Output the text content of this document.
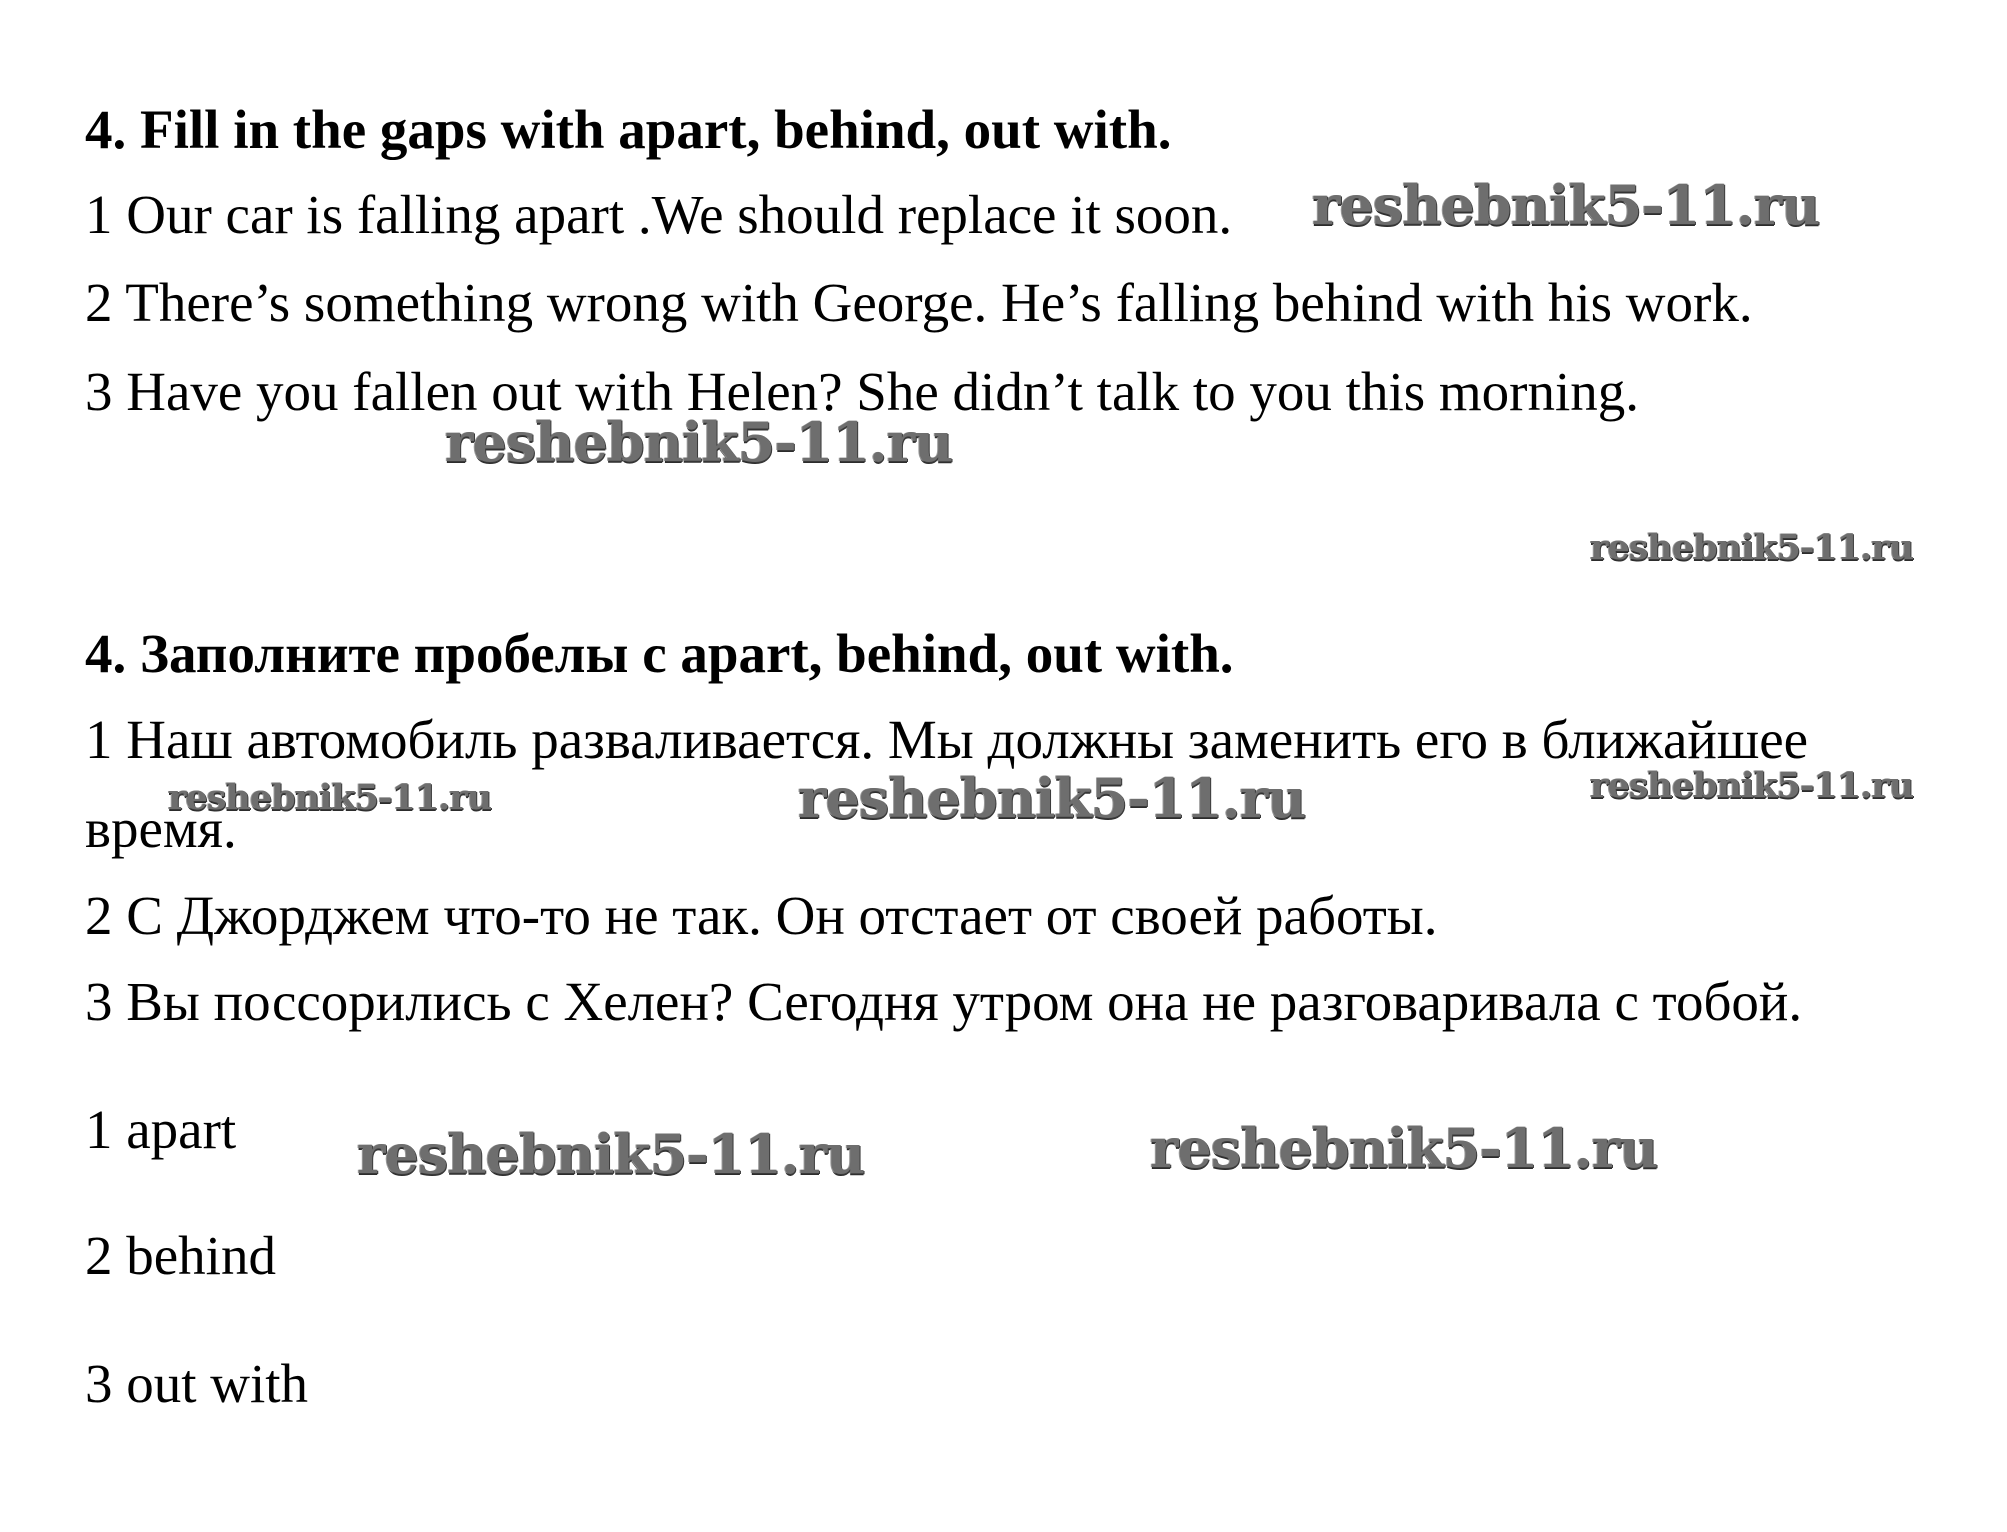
4. Fill in the gaps with apart, behind, out with.
1 Our car is falling apart .We should replace it soon.
2 There’s something wrong with George. He’s falling behind with his work.
3 Have you fallen out with Helen? She didn’t talk to you this morning.
4. Заполните пробелы с apart, behind, out with.
1 Наш автомобиль разваливается. Мы должны заменить его в ближайшее
время.
2 С Джорджем что-то не так. Он отстает от своей работы.
3 Вы поссорились с Хелен? Сегодня утром она не разговаривала с тобой.
1 apart
2 behind
3 out with
reshebnik5-11.ru
reshebnik5-11.ru
reshebnik5-11.ru
reshebnik5-11.ru	reshebnik5-11.ru	reshebnik5-11.ru
reshebnik5-11.ru	reshebnik5-11.ru
